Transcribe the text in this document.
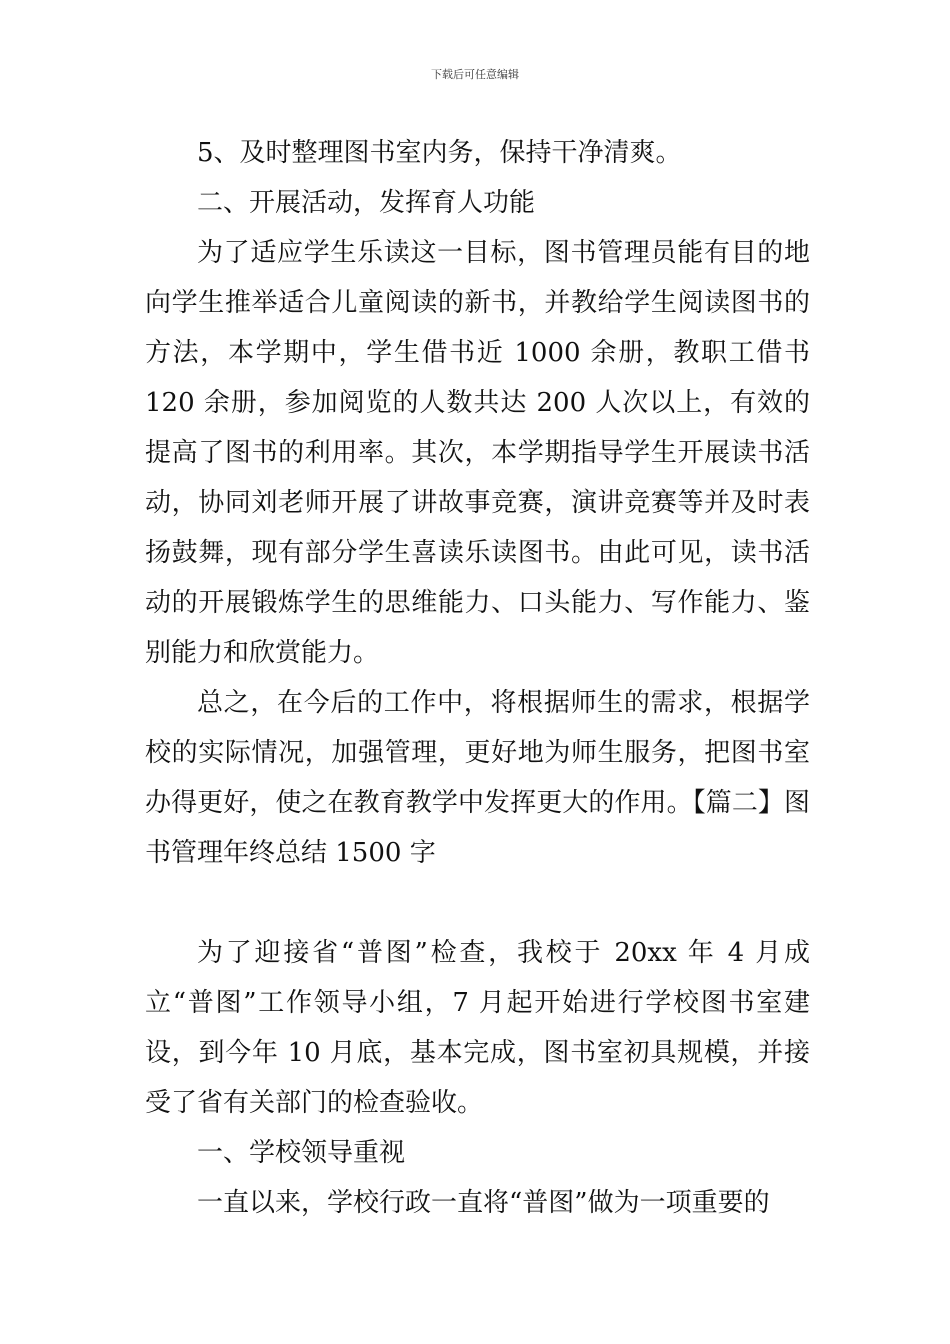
下载后可任意编辑

5、及时整理图书室内务，保持干净清爽。

二、开展活动，发挥育人功能

为了适应学生乐读这一目标，图书管理员能有目的地向学生推举适合儿童阅读的新书，并教给学生阅读图书的方法，本学期中，学生借书近 1000 余册，教职工借书 120 余册，参加阅览的人数共达 200 人次以上，有效的提高了图书的利用率。其次，本学期指导学生开展读书活动，协同刘老师开展了讲故事竞赛，演讲竞赛等并及时表扬鼓舞，现有部分学生喜读乐读图书。由此可见，读书活动的开展锻炼学生的思维能力、口头能力、写作能力、鉴别能力和欣赏能力。

总之，在今后的工作中，将根据师生的需求，根据学校的实际情况，加强管理，更好地为师生服务，把图书室办得更好，使之在教育教学中发挥更大的作用。【篇二】图书管理年终总结 1500 字

为了迎接省“普图”检查，我校于 20xx 年 4 月成立“普图”工作领导小组，7 月起开始进行学校图书室建设，到今年 10 月底，基本完成，图书室初具规模，并接受了省有关部门的检查验收。

一、学校领导重视

一直以来，学校行政一直将“普图”做为一项重要的
